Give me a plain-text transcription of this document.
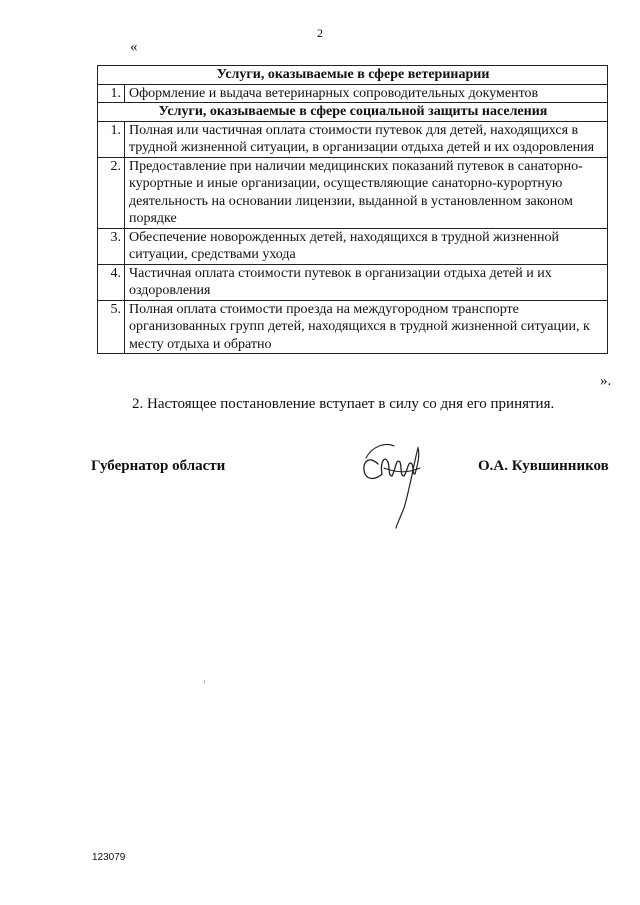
2
«
Услуги, оказываемые в сфере ветеринарии	
1.	Оформление и выдача ветеринарных сопроводительных документов
Услуги, оказываемые в сфере социальной защиты населения	
1.	Полная или частичная оплата стоимости путевок для детей, находящихся в трудной жизненной ситуации, в организации отдыха детей и их оздоровления
2.	Предоставление при наличии медицинских показаний путевок в санаторно-курортные и иные организации, осуществляющие санаторно-курортную деятельность на основании лицензии, выданной в установленном законом порядке
3.	Обеспечение новорожденных детей, находящихся в трудной жизненной ситуации, средствами ухода
4.	Частичная оплата стоимости путевок в организации отдыха детей и их оздоровления
5.	Полная оплата стоимости проезда на междугородном транспорте организованных групп детей, находящихся в трудной жизненной ситуации, к месту отдыха и обратно
».
2. Настоящее постановление вступает в силу со дня его принятия.
Губернатор области	О.А. Кувшинников
123079
